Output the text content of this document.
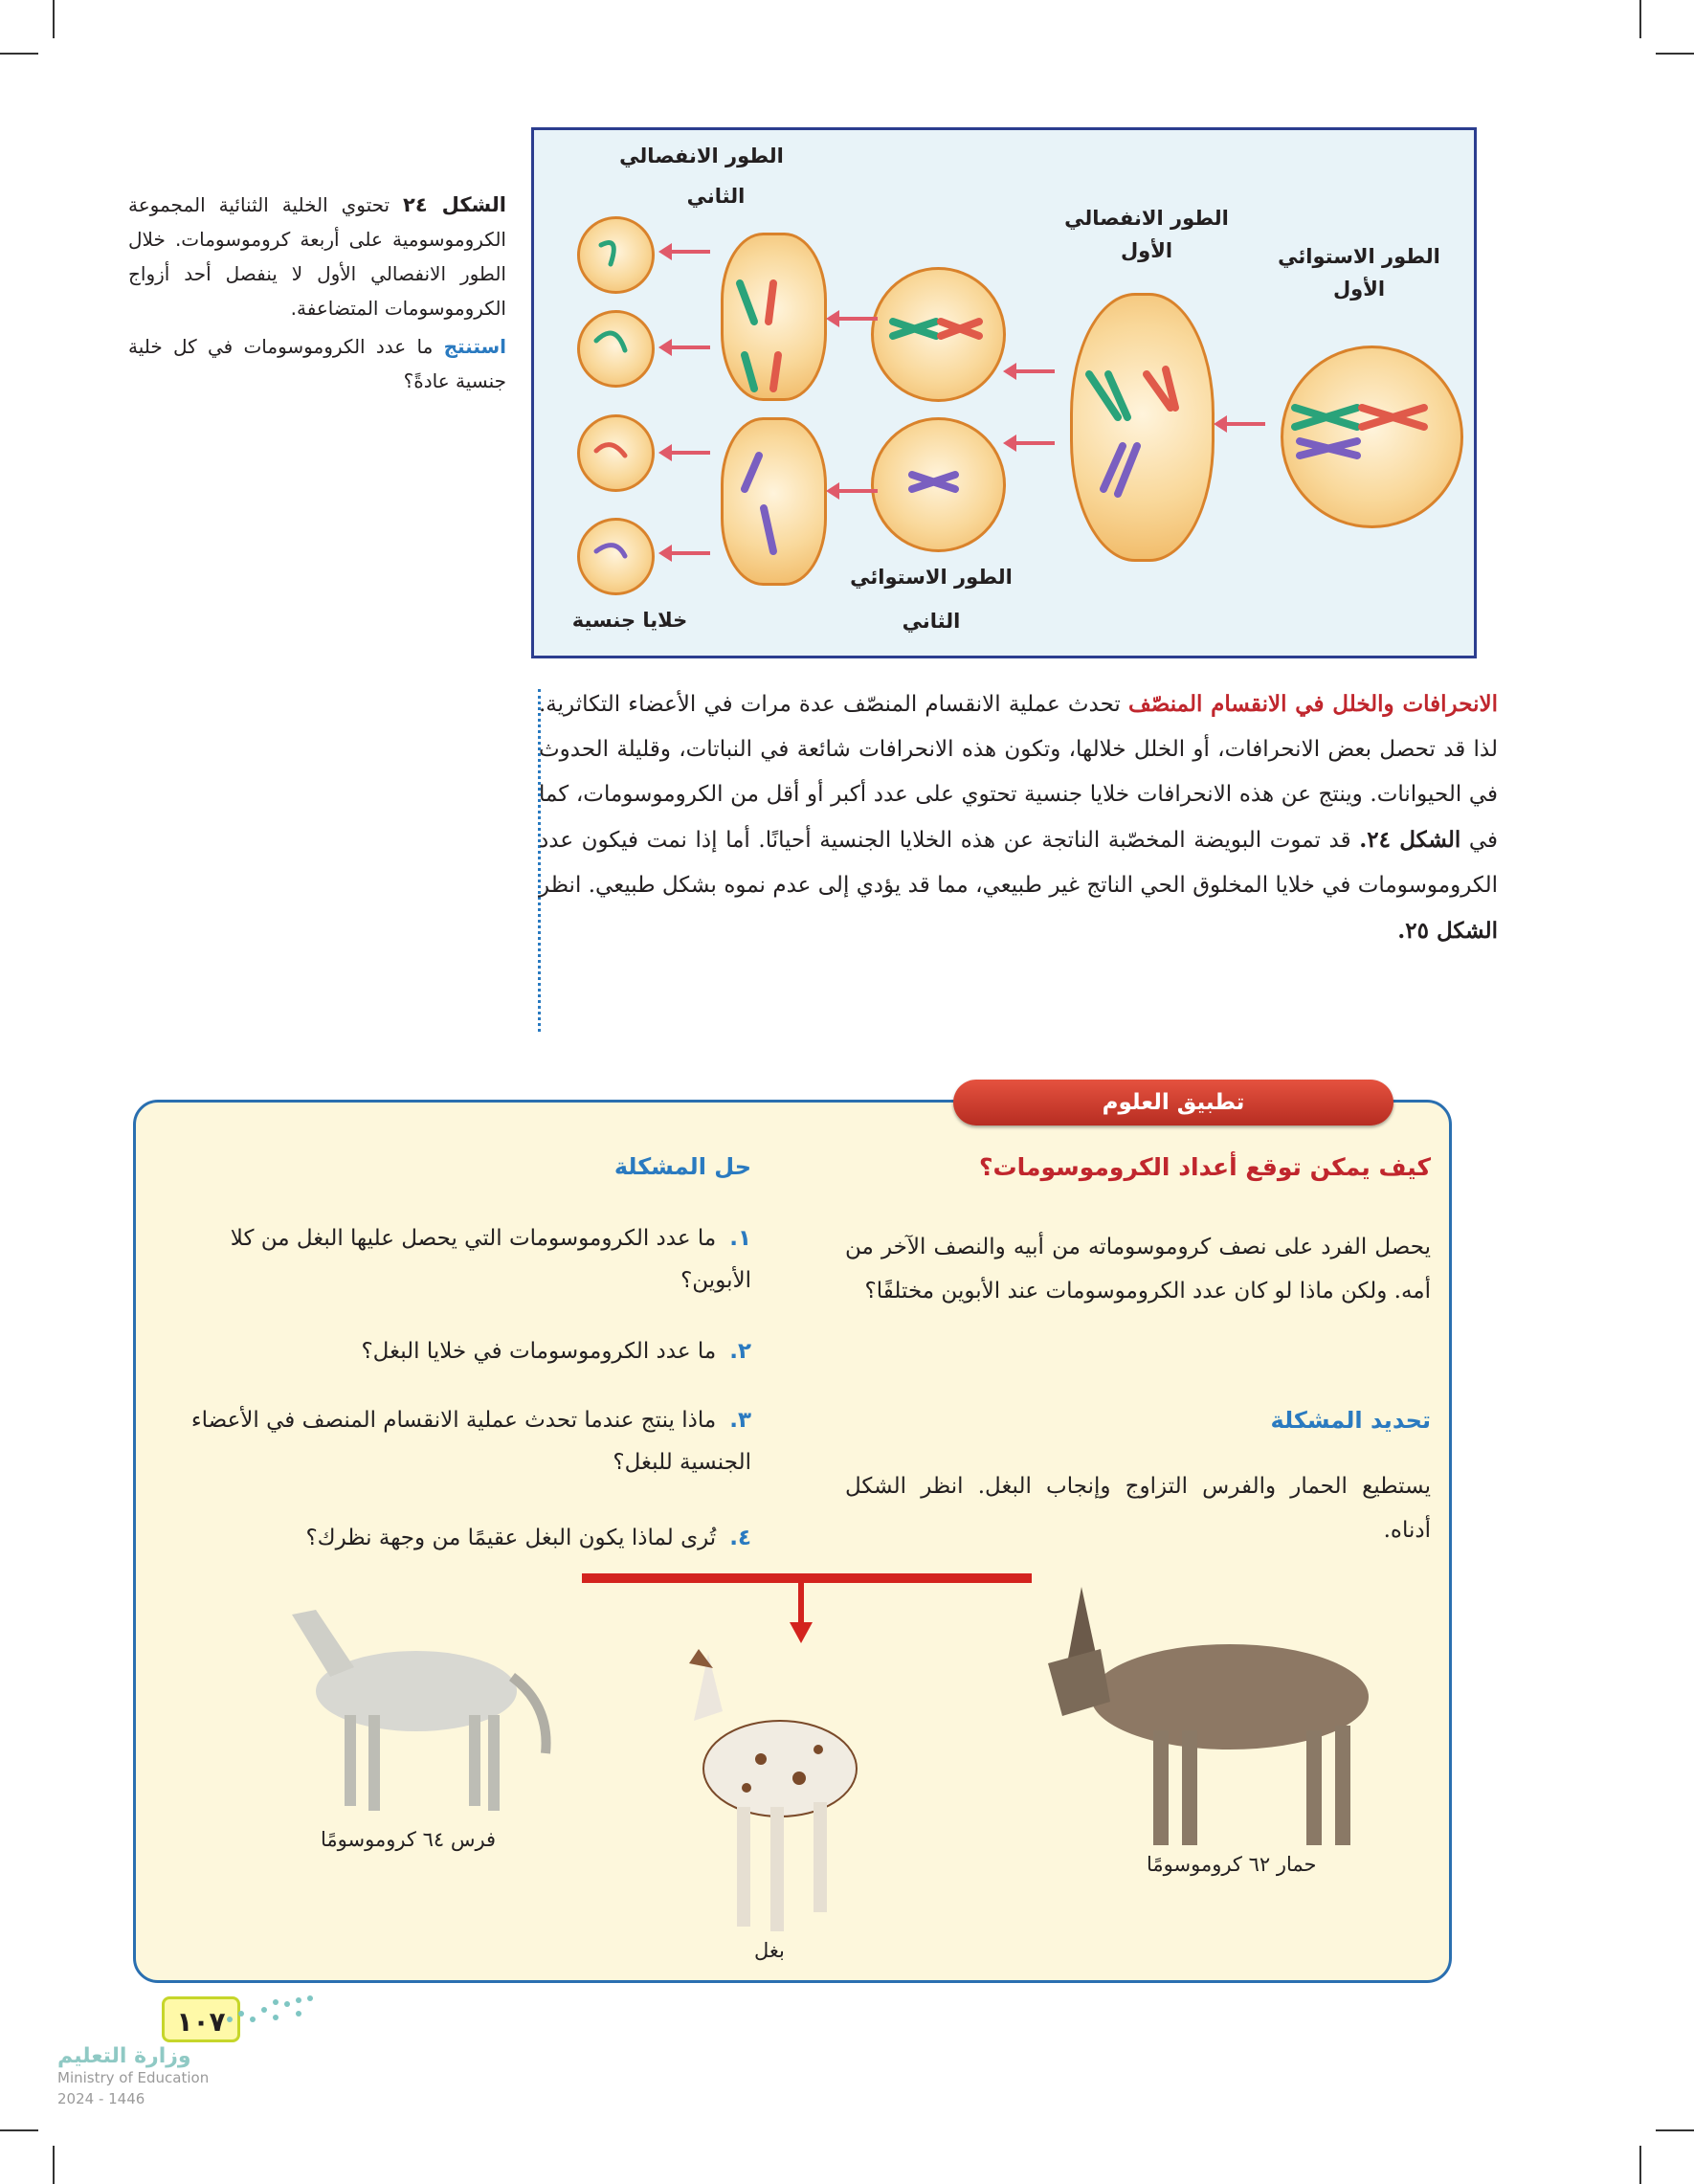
الطور الاستوائي
الأول
الطور الانفصالي
الأول
الطور الانفصالي
الثاني
الطور الاستوائي
الثاني
خلايا جنسية
الشكل ٢٤ تحتوي الخلية الثنائية المجموعة الكروموسومية على أربعة كروموسومات. خلال الطور الانفصالي الأول لا ينفصل أحد أزواج الكروموسومات المتضاعفة.
استنتج ما عدد الكروموسومات في كل خلية جنسية عادةً؟
الانحرافات والخلل في الانقسام المنصّف تحدث عملية الانقسام المنصّف عدة مرات في الأعضاء التكاثرية. لذا قد تحصل بعض الانحرافات، أو الخلل خلالها، وتكون هذه الانحرافات شائعة في النباتات، وقليلة الحدوث في الحيوانات. وينتج عن هذه الانحرافات خلايا جنسية تحتوي على عدد أكبر أو أقل من الكروموسومات، كما في الشكل ٢٤. قد تموت البويضة المخصّبة الناتجة عن هذه الخلايا الجنسية أحيانًا. أما إذا نمت فيكون عدد الكروموسومات في خلايا المخلوق الحي الناتج غير طبيعي، مما قد يؤدي إلى عدم نموه بشكل طبيعي. انظر الشكل ٢٥.
تطبيق العلوم
كيف يمكن توقع أعداد الكروموسومات؟
يحصل الفرد على نصف كروموسوماته من أبيه والنصف الآخر من أمه. ولكن ماذا لو كان عدد الكروموسومات عند الأبوين مختلفًا؟
تحديد المشكلة
يستطيع الحمار والفرس التزاوج وإنجاب البغل. انظر الشكل أدناه.
حل المشكلة
١.ما عدد الكروموسومات التي يحصل عليها البغل من كلا الأبوين؟
٢.ما عدد الكروموسومات في خلايا البغل؟
٣.ماذا ينتج عندما تحدث عملية الانقسام المنصف في الأعضاء الجنسية للبغل؟
٤.تُرى لماذا يكون البغل عقيمًا من وجهة نظرك؟
فرس ٦٤ كروموسومًا
بغل
حمار ٦٢ كروموسومًا
١٠٧
وزارة التعليم
Ministry of Education
2024 - 1446
